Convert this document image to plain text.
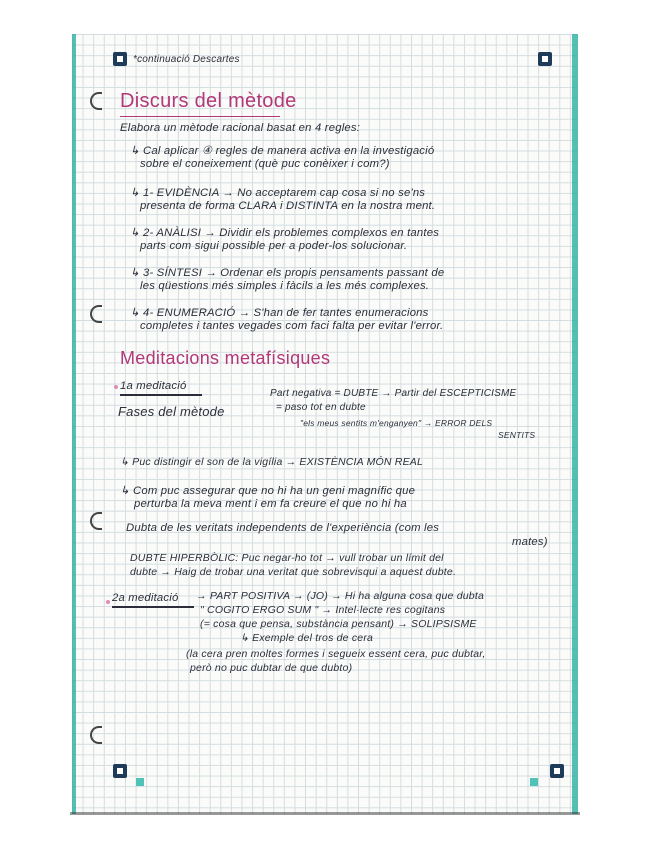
*continuació Descartes
Discurs del mètode
Elabora un mètode racional basat en 4 regles:
↳ Cal aplicar ④ regles de manera activa en la investigació
sobre el coneixement (què puc conèixer i com?)
↳ 1- EVIDÈNCIA → No acceptarem cap cosa si no se'ns
presenta de forma CLARA i DISTINTA en la nostra ment.
↳ 2- ANÀLISI → Dividir els problemes complexos en tantes
parts com sigui possible per a poder-los solucionar.
↳ 3- SÍNTESI → Ordenar els propis pensaments passant de
les qüestions més simples i fàcils a les més complexes.
↳ 4- ENUMERACIÓ → S'han de fer tantes enumeracions
completes i tantes vegades com faci falta per evitar l'error.
Meditacions metafísiques
1a meditació
Fases del mètode
Part negativa = DUBTE → Partir del ESCEPTICISME
= paso tot en dubte
"els meus sentits m'enganyen" → ERROR DELS
SENTITS
↳ Puc distingir el son de la vigília → EXISTÈNCIA MÓN REAL
↳ Com puc assegurar que no hi ha un geni magnífic que
perturba la meva ment i em fa creure el que no hi ha
Dubta de les veritats independents de l'experiència (com les
mates)
DUBTE HIPERBÒLIC: Puc negar-ho tot → vull trobar un límit del
dubte → Haig de trobar una veritat que sobrevisqui a aquest dubte.
2a meditació → PART POSITIVA → (JO) → Hi ha alguna cosa que dubta
" COGITO ERGO SUM " → Intel·lecte res cogitans
(= cosa que pensa, substància pensant) → SOLIPSISME
↳ Exemple del tros de cera
(la cera pren moltes formes i segueix essent cera, puc dubtar,
però no puc dubtar de que dubto)
